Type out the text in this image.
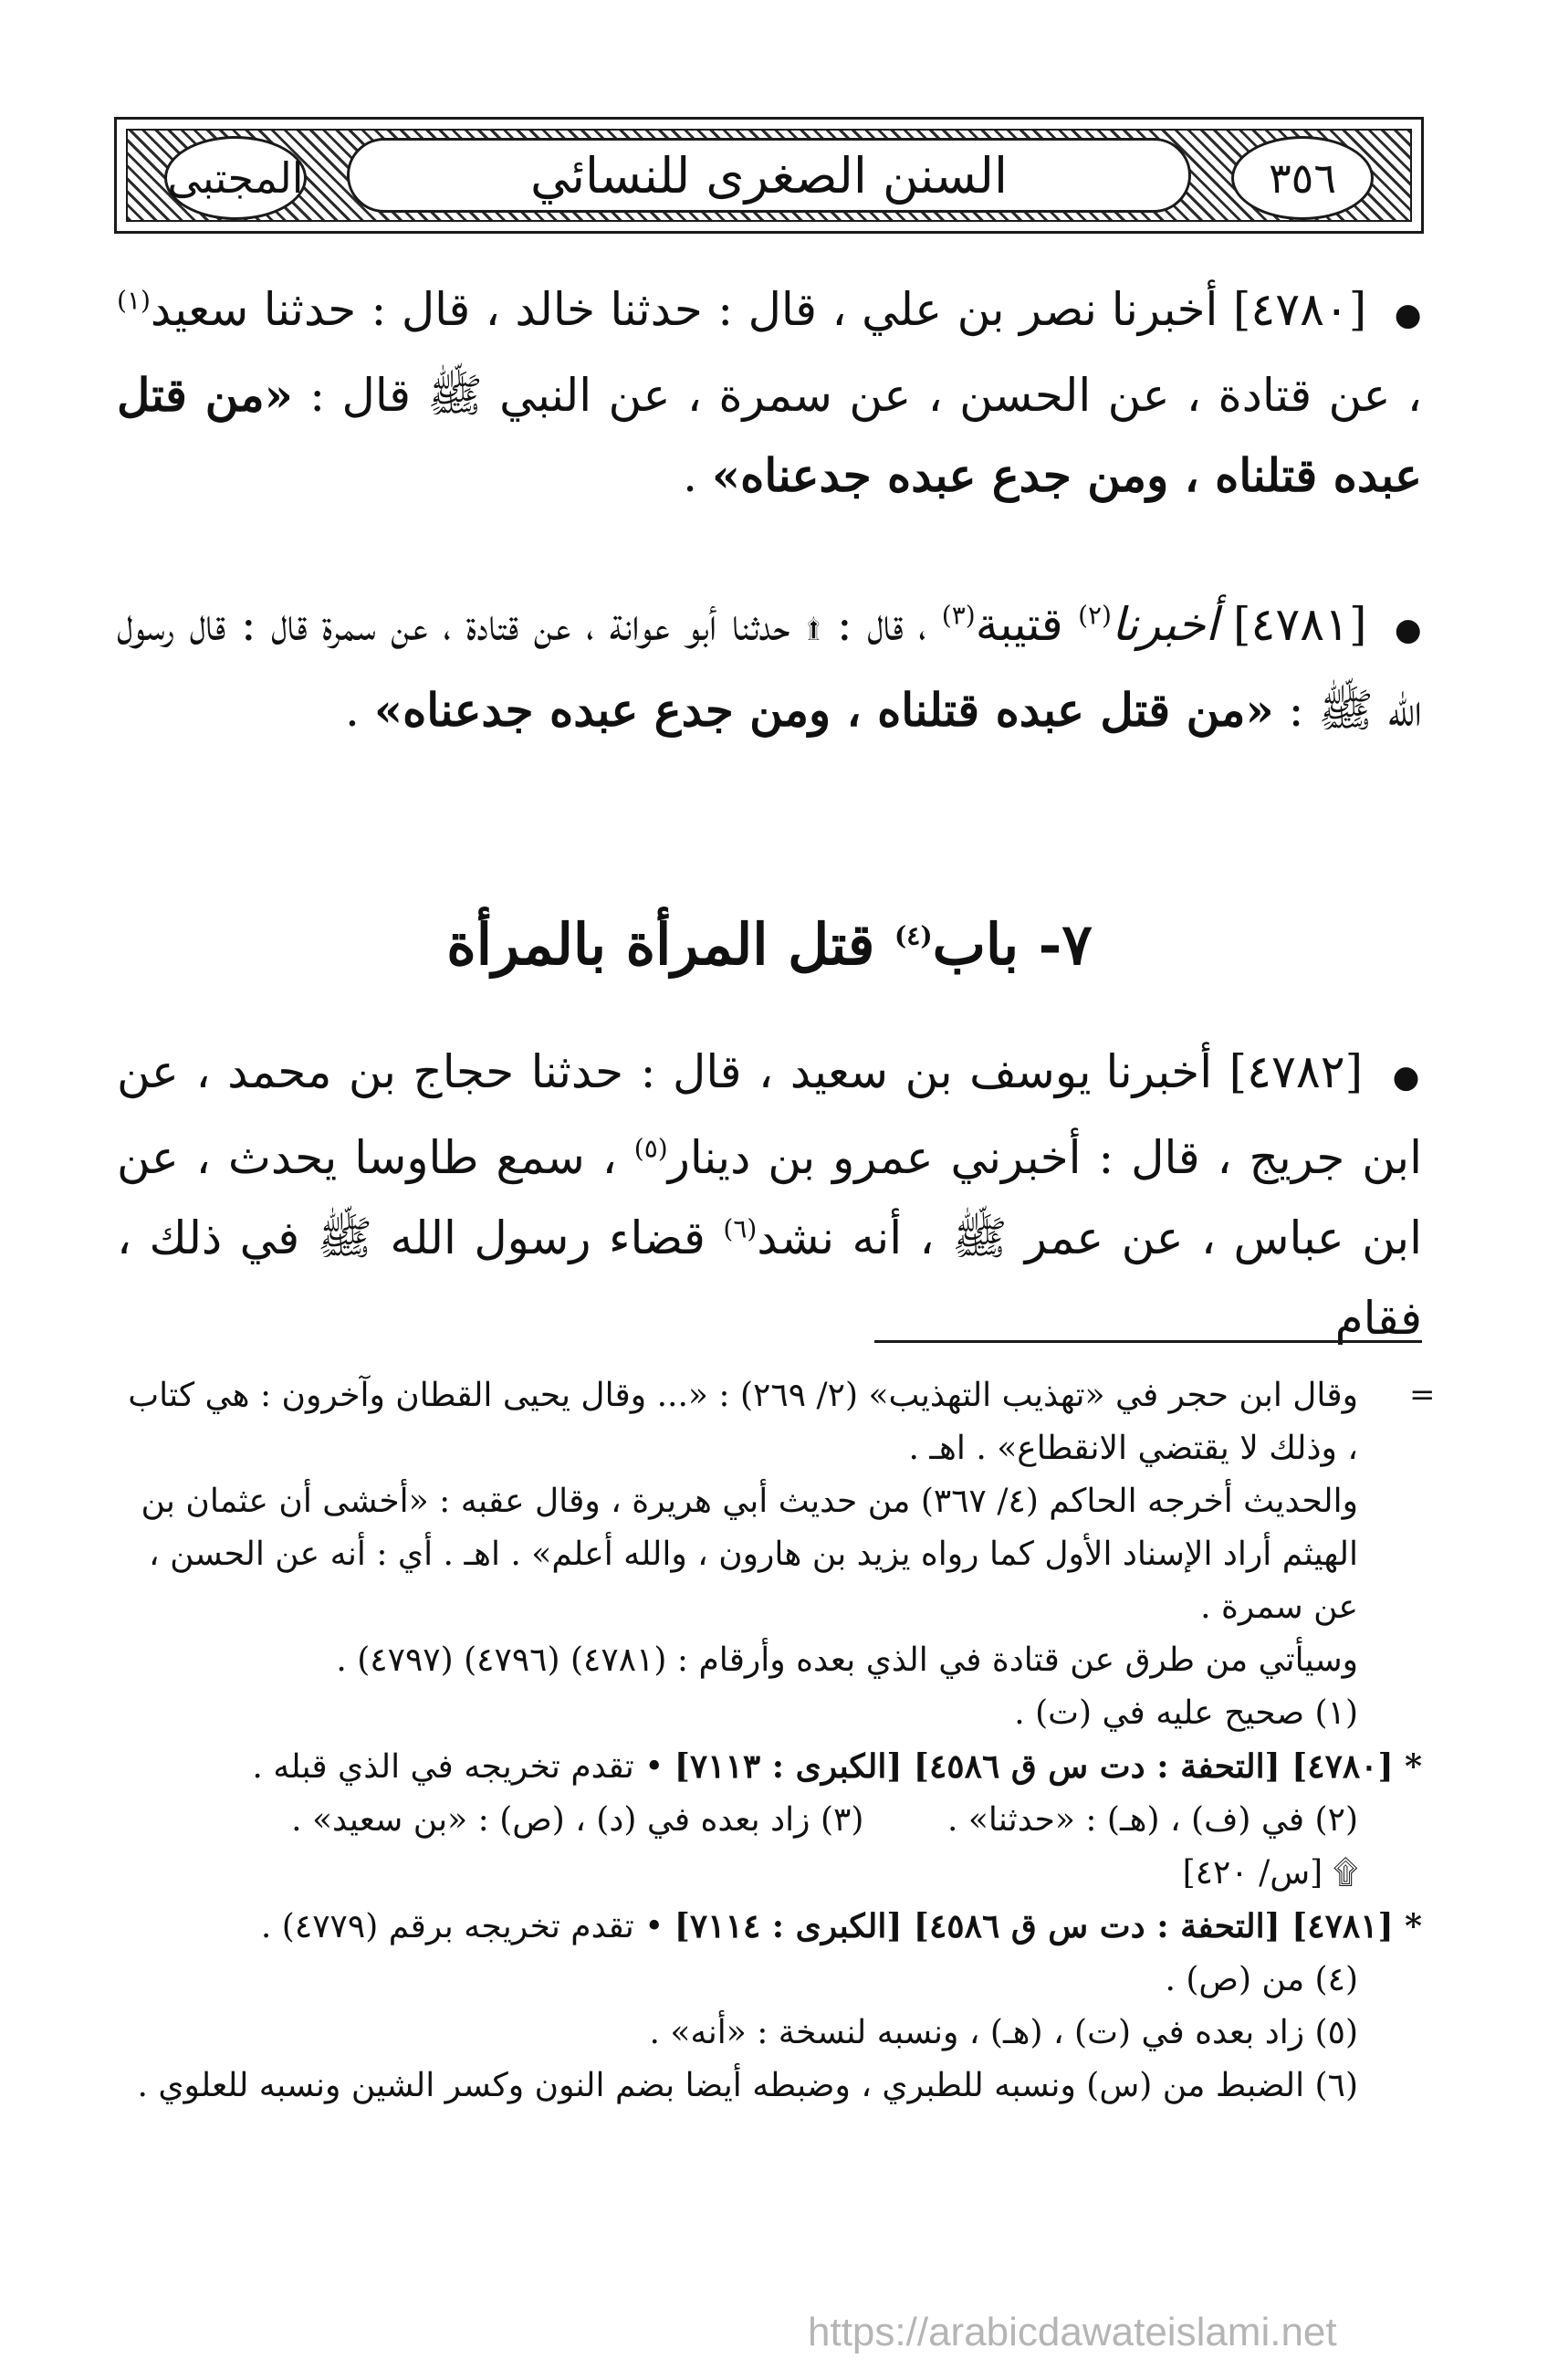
المجتبى	السنن الصغرى للنسائي	٣٥٦

● [٤٧٨٠] أخبرنا نصر بن علي ، قال : حدثنا خالد ، قال : حدثنا سعيد$^{(١)}$ ، عن قتادة ، عن الحسن ، عن سمرة ، عن النبي ﷺ قال : «من قتل عبده قتلناه ، ومن جدع عبده جدعناه» .

● [٤٧٨١] أخبرنا$^{(٢)}$ قتيبة$^{(٣)}$ ، قال : ۩ حدثنا أبو عوانة ، عن قتادة ، عن سمرة قال : قال رسول الله ﷺ : «من قتل عبده قتلناه ، ومن جدع عبده جدعناه» .

٧- باب$^{(٤)}$ قتل المرأة بالمرأة

● [٤٧٨٢] أخبرنا يوسف بن سعيد ، قال : حدثنا حجاج بن محمد ، عن ابن جريج ، قال : أخبرني عمرو بن دينار$^{(٥)}$ ، سمع طاوسا يحدث ، عن ابن عباس ، عن عمر ﷺ ، أنه نشد$^{(٦)}$ قضاء رسول الله ﷺ في ذلك ، فقام

=

وقال ابن حجر في «تهذيب التهذيب» (٢/ ٢٦٩) : «... وقال يحيى القطان وآخرون : هي كتاب ، وذلك لا يقتضي الانقطاع» . اهـ .

والحديث أخرجه الحاكم (٤/ ٣٦٧) من حديث أبي هريرة ، وقال عقبه : «أخشى أن عثمان بن الهيثم أراد الإسناد الأول كما رواه يزيد بن هارون ، والله أعلم» . اهـ . أي : أنه عن الحسن ، عن سمرة .

وسيأتي من طرق عن قتادة في الذي بعده وأرقام : (٤٧٨١) (٤٧٩٦) (٤٧٩٧) .

(١) صحيح عليه في (ت) .

* [٤٧٨٠] [التحفة : دت س ق ٤٥٨٦] [الكبرى : ٧١١٣] • تقدم تخريجه في الذي قبله .

(٢) في (ف) ، (هـ) : «حدثنا» .        (٣) زاد بعده في (د) ، (ص) : «بن سعيد» .

۩ [س/ ٤٢٠]

* [٤٧٨١] [التحفة : دت س ق ٤٥٨٦] [الكبرى : ٧١١٤] • تقدم تخريجه برقم (٤٧٧٩) .

(٤) من (ص) .

(٥) زاد بعده في (ت) ، (هـ) ، ونسبه لنسخة : «أنه» .

(٦) الضبط من (س) ونسبه للطبري ، وضبطه أيضا بضم النون وكسر الشين ونسبه للعلوي .

https://arabicdawateislami.net
